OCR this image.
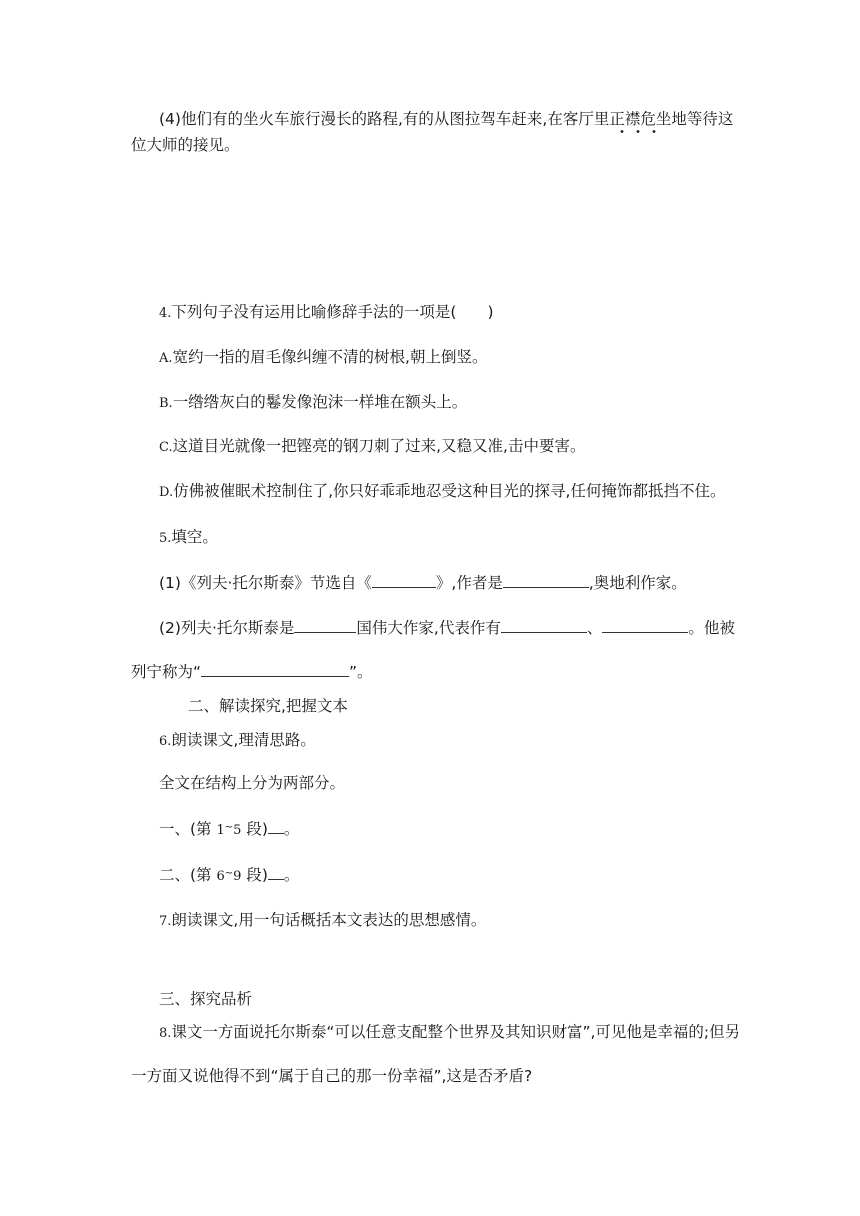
(4)他们有的坐火车旅行漫长的路程,有的从图拉驾车赶来,在客厅里正襟危坐地等待这
位大师的接见。
4.下列句子没有运用比喻修辞手法的一项是(　　)
A.宽约一指的眉毛像纠缠不清的树根,朝上倒竖。
B.一绺绺灰白的鬈发像泡沫一样堆在额头上。
C.这道目光就像一把铿亮的钢刀刺了过来,又稳又准,击中要害。
D.仿佛被催眠术控制住了,你只好乖乖地忍受这种目光的探寻,任何掩饰都抵挡不住。
5.填空。
(1)《列夫·托尔斯泰》节选自《	》,作者是	,奥地利作家。
(2)列夫·托尔斯泰是	国伟大作家,代表作有	、	。他被
列宁称为“	”。
二、解读探究,把握文本
6.朗读课文,理清思路。
全文在结构上分为两部分。
一、(第 1~5 段) 。
二、(第 6~9 段) 。
7.朗读课文,用一句话概括本文表达的思想感情。
三、探究品析
8.课文一方面说托尔斯泰“可以任意支配整个世界及其知识财富”,可见他是幸福的;但另
一方面又说他得不到“属于自己的那一份幸福”,这是否矛盾?
